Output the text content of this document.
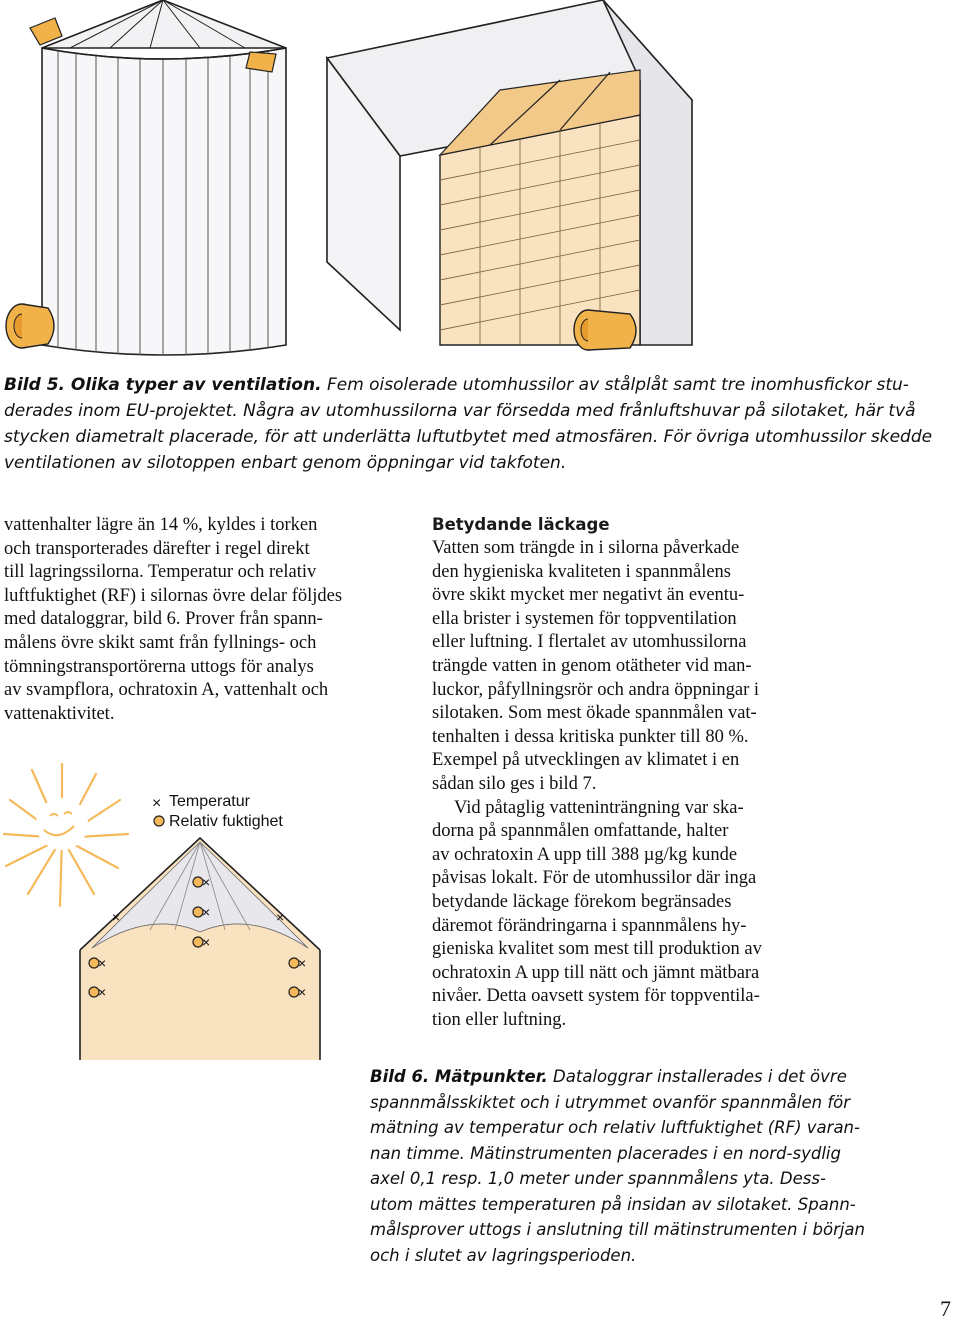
Bild 5. Olika typer av ventilation. Fem oisolerade utomhussilor av stålplåt samt tre inomhusfickor stu-
derades inom EU-projektet. Några av utomhussilorna var försedda med frånluftshuvar på silotaket, här två
stycken diametralt placerade, för att underlätta luftutbytet med atmosfären. För övriga utomhussilor skedde
ventilationen av silotoppen enbart genom öppningar vid takfoten.

vattenhalter lägre än 14 %, kyldes i torken

och transporterades därefter i regel direkt

till lagringssilorna. Temperatur och relativ

luftfuktighet (RF) i silornas övre delar följdes

med dataloggrar, bild 6. Prover från spann-

målens övre skikt samt från fyllnings- och

tömningstransportörerna uttogs för analys

av svampflora, ochratoxin A, vattenhalt och

vattenaktivitet.

×
×
×
×
×
×
×
×
×	×
Temperatur
Relativ fuktighet
Betydande läckage

Vatten som trängde in i silorna påverkade

den hygieniska kvaliteten i spannmålens

övre skikt mycket mer negativt än eventu-

ella brister i systemen för toppventilation

eller luftning. I flertalet av utomhussilorna

trängde vatten in genom otätheter vid man-

luckor, påfyllningsrör och andra öppningar i

silotaken. Som mest ökade spannmålen vat-

tenhalten i dessa kritiska punkter till 80 %.

Exempel på utvecklingen av klimatet i en

sådan silo ges i bild 7.

Vid påtaglig vatteninträngning var ska-

dorna på spannmålen omfattande, halter

av ochratoxin A upp till 388 µg/kg kunde

påvisas lokalt. För de utomhussilor där inga

betydande läckage förekom begränsades

däremot förändringarna i spannmålens hy-

gieniska kvalitet som mest till produktion av

ochratoxin A upp till nätt och jämnt mätbara

nivåer. Detta oavsett system för toppventila-

tion eller luftning.

Bild 6. Mätpunkter. Dataloggrar installerades i det övre
spannmålsskiktet och i utrymmet ovanför spannmålen för
mätning av temperatur och relativ luftfuktighet (RF) varan-
nan timme. Mätinstrumenten placerades i en nord-sydlig
axel 0,1 resp. 1,0 meter under spannmålens yta. Dess-
utom mättes temperaturen på insidan av silotaket. Spann-
målsprover uttogs i anslutning till mätinstrumenten i början
och i slutet av lagringsperioden.
7
